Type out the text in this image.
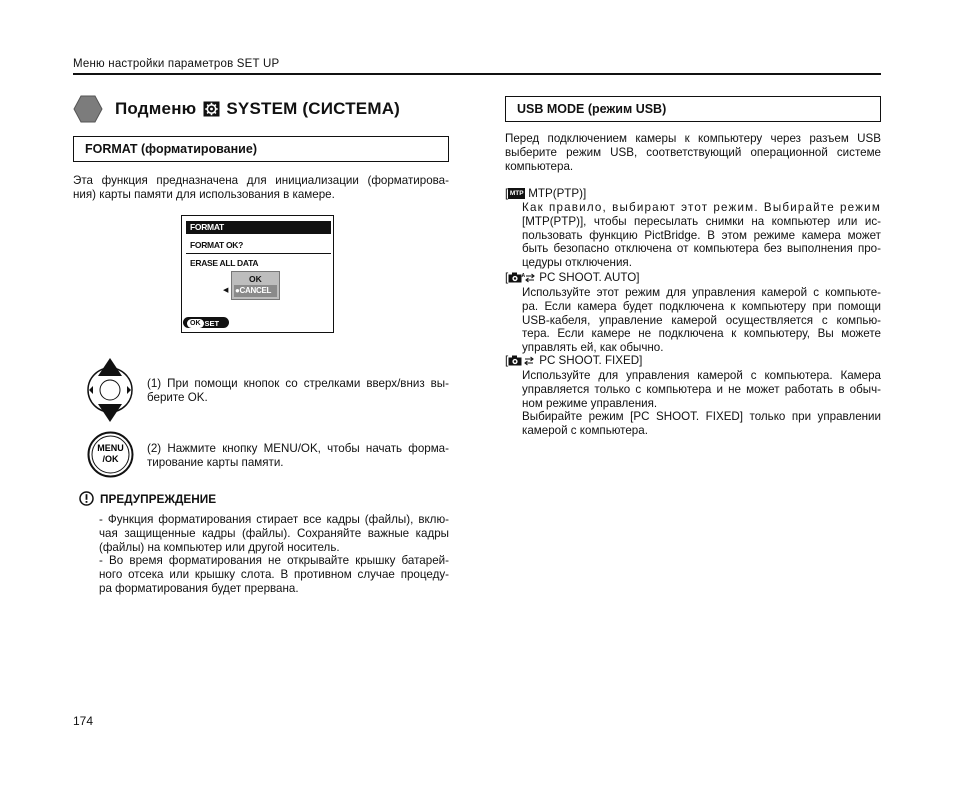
Меню настройки параметров SET UP
Подменю SYSTEM (СИСТЕМА)
FORMAT (форматирование)
Эта функция предназначена для инициализации (форматирова-
ния) карты памяти для использования в камере.
FORMAT
FORMAT OK?
ERASE ALL DATA
OK
◀ ●CANCEL
OK SET
(1) При помощи кнопок со стрелками вверх/вниз вы-
берите OK.
MENU
/OK
(2) Нажмите кнопку MENU/OK, чтобы начать форма-
тирование карты памяти.
ПРЕДУПРЕЖДЕНИЕ
- Функция форматирования стирает все кадры (файлы), вклю-
чая защищенные кадры (файлы). Сохраняйте важные кадры
(файлы) на компьютер или другой носитель.
- Во время форматирования не открывайте крышку батарей-
ного отсека или крышку слота. В противном случае процеду-
ра форматирования будет прервана.
USB MODE (режим USB)
Перед подключением камеры к компьютеру через разъем USB
выберите режим USB, соответствующий операционной системе
компьютера.
[ MTP MTP(PTP)]
Как правило, выбирают этот режим. Выбирайте режим
[MTP(PTP)], чтобы пересылать снимки на компьютер или ис-
пользовать функцию PictBridge. В этом режиме камера может
быть безопасно отключена от компьютера без выполнения про-
цедуры отключения.
[	A PC SHOOT. AUTO]
Используйте этот режим для управления камерой с компьюте-
ра. Если камера будет подключена к компьютеру при помощи
USB-кабеля, управление камерой осуществляется с компью-
тера. Если камере не подключена к компьютеру, Вы можете
управлять ей, как обычно.
[	PC SHOOT. FIXED]
Используйте для управления камерой с компьютера. Камера
управляется только с компьютера и не может работать в обыч-
ном режиме управления.
Выбирайте режим [PC SHOOT. FIXED] только при управлении
камерой с компьютера.
174
